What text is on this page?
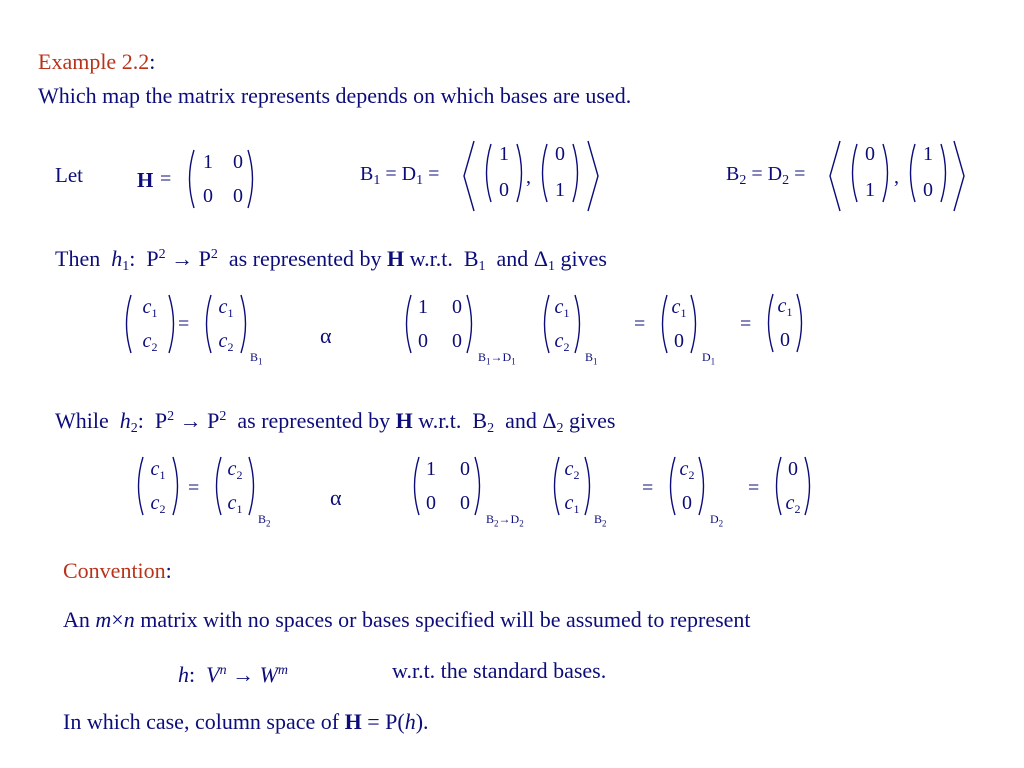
Example 2.2:
Which map the matrix represents depends on which bases are used.
Let	H =
1	0
0	0
$B_1 = D_1$ =
1
0
,
0
1
$B_2 = D_2$ =
0
1
,
1
0
Then $h_1$: $P^2 \to P^2$ as represented by H w.r.t. $B_1$ and $\Delta_1$ gives
$c_1$
$c_2$
=
$c_1$
$c_2$
$B_1$
α
1	0
0	0
$B_1\to D_1$
$c_1$
$c_2$
$B_1$
=
$c_1$
0
$D_1$
=
$c_1$
0
While $h_2$: $P^2 \to P^2$ as represented by H w.r.t. $B_2$ and $\Delta_2$ gives
$c_1$
$c_2$
=
$c_2$
$c_1$
$B_2$
α
1	0
0	0
$B_2\to D_2$
$c_2$
$c_1$
$B_2$
=
$c_2$
0
$D_2$
=
0
$c_2$
Convention:
An m×n matrix with no spaces or bases specified will be assumed to represent
h: $V^n \to W^m$	w.r.t. the standard bases.
In which case, column space of H = P(h).
